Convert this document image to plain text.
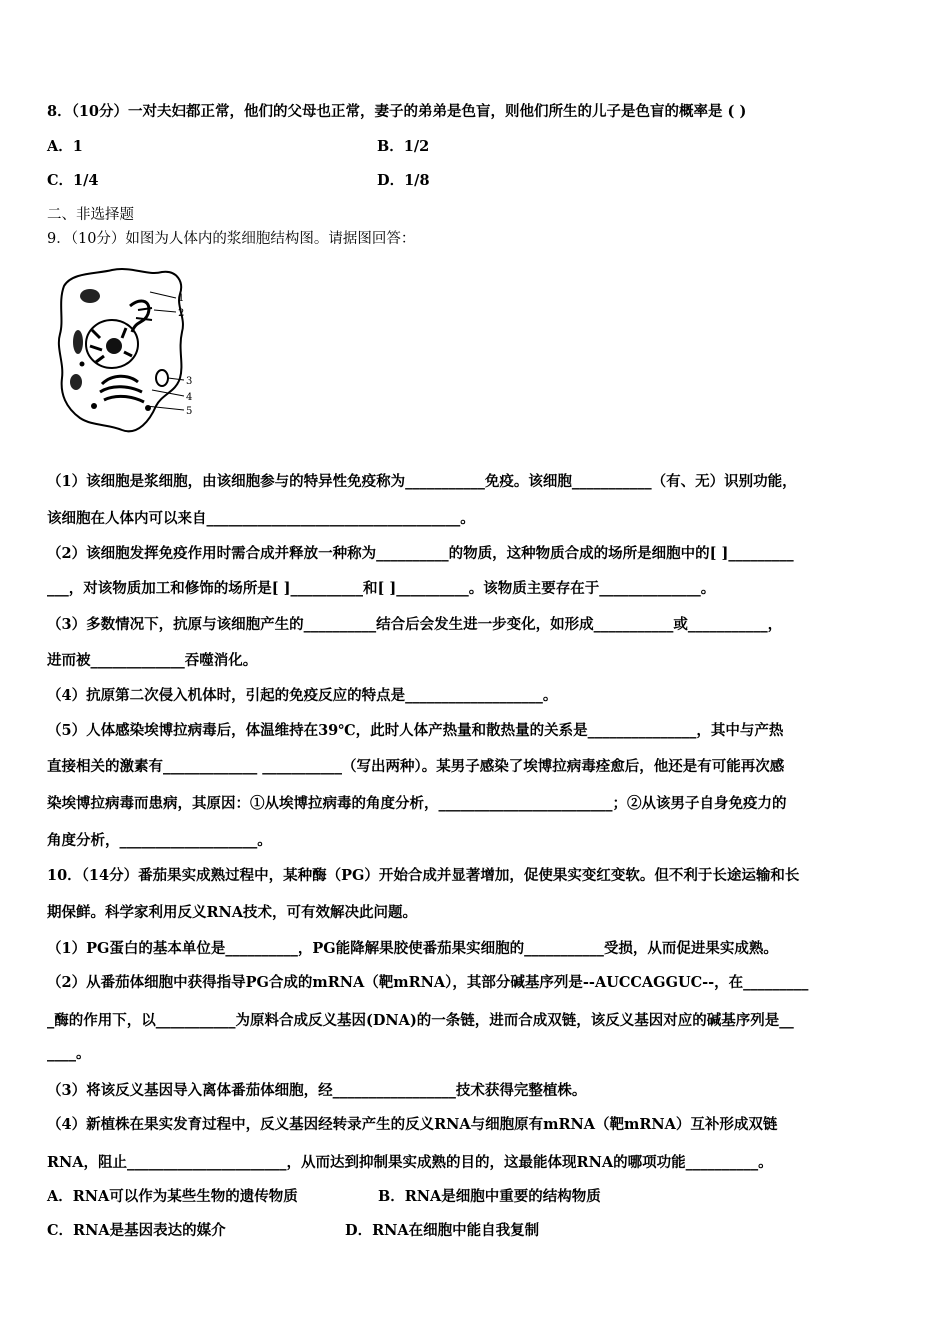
8．（10分）一对夫妇都正常，他们的父母也正常，妻子的弟弟是色盲，则他们所生的儿子是色盲的概率是 ( )
A．1	B．1/2
C．1/4	D．1/8
二、非选择题
9．（10分）如图为人体内的浆细胞结构图。请据图回答：
1
2
3
4
5
（1）该细胞是浆细胞，由该细胞参与的特异性免疫称为___________免疫。该细胞___________（有、无）识别功能，
该细胞在人体内可以来自___________________________________。
（2）该细胞发挥免疫作用时需合成并释放一种称为__________的物质，这种物质合成的场所是细胞中的[ ]_________
___，对该物质加工和修饰的场所是[ ]__________和[ ]__________。该物质主要存在于______________。
（3）多数情况下，抗原与该细胞产生的__________结合后会发生进一步变化，如形成___________或___________，
进而被_____________吞噬消化。
（4）抗原第二次侵入机体时，引起的免疫反应的特点是___________________。
（5）人体感染埃博拉病毒后，体温维持在39℃，此时人体产热量和散热量的关系是_______________，其中与产热
直接相关的激素有_____________ ___________（写出两种）。某男子感染了埃博拉病毒痊愈后，他还是有可能再次感
染埃博拉病毒而患病，其原因：①从埃博拉病毒的角度分析，________________________；②从该男子自身免疫力的
角度分析，___________________。
10．（14分）番茄果实成熟过程中，某种酶（PG）开始合成并显著增加，促使果实变红变软。但不利于长途运输和长
期保鲜。科学家利用反义RNA技术，可有效解决此问题。
（1）PG蛋白的基本单位是__________，PG能降解果胶使番茄果实细胞的___________受损，从而促进果实成熟。
（2）从番茄体细胞中获得指导PG合成的mRNA（靶mRNA），其部分碱基序列是--AUCCAGGUC--，在_________
_酶的作用下，以___________为原料合成反义基因(DNA)的一条链，进而合成双链，该反义基因对应的碱基序列是__
____。
（3）将该反义基因导入离体番茄体细胞，经_________________技术获得完整植株。
（4）新植株在果实发育过程中，反义基因经转录产生的反义RNA与细胞原有mRNA（靶mRNA）互补形成双链
RNA，阻止______________________，从而达到抑制果实成熟的目的，这最能体现RNA的哪项功能__________。
A．RNA可以作为某些生物的遗传物质	B．RNA是细胞中重要的结构物质
C．RNA是基因表达的媒介	D．RNA在细胞中能自我复制
